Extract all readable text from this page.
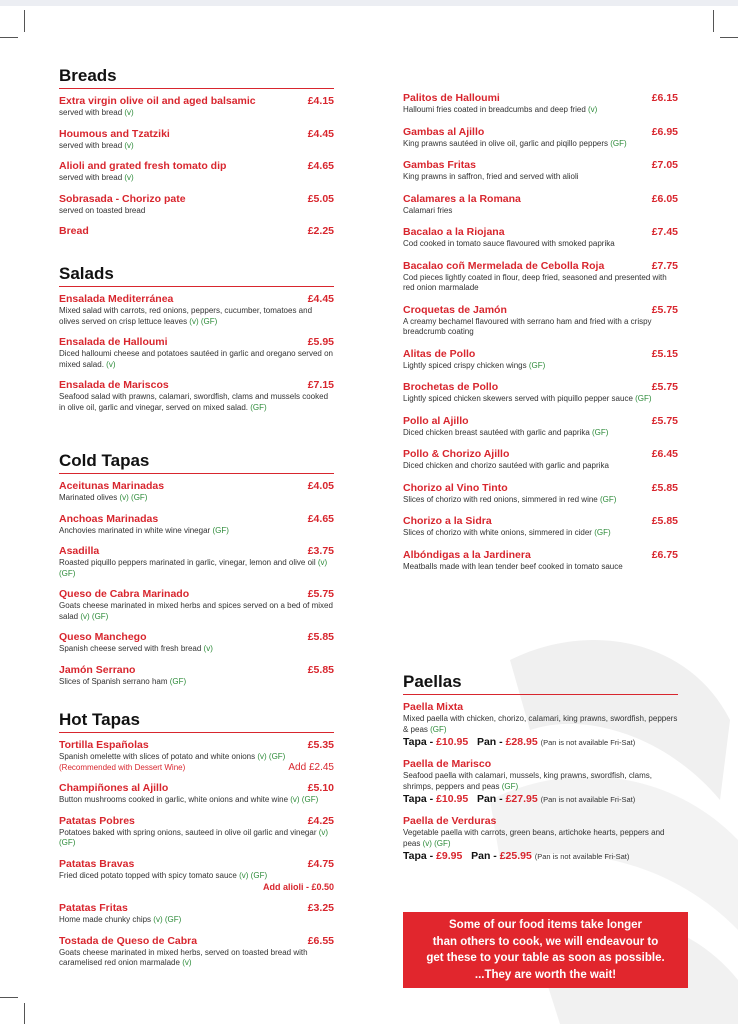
Breads
Extra virgin olive oil and aged balsamic	£4.15
served with bread (v)
Houmous and Tzatziki	£4.45
served with bread (v)
Alioli and grated fresh tomato dip	£4.65
served with bread (v)
Sobrasada - Chorizo pate	£5.05
served on toasted bread
Bread	£2.25
Salads
Ensalada Mediterránea	£4.45
Mixed salad with carrots, red onions, peppers, cucumber, tomatoes and olives served on crisp lettuce leaves (v) (GF)
Ensalada de Halloumi	£5.95
Diced halloumi cheese and potatoes sautéed in garlic and oregano served on mixed salad. (v)
Ensalada de Mariscos	£7.15
Seafood salad with prawns, calamari, swordfish, clams and mussels cooked in olive oil, garlic and vinegar, served on mixed salad. (GF)
Cold Tapas
Aceitunas Marinadas	£4.05
Marinated olives (v) (GF)
Anchoas Marinadas	£4.65
Anchovies marinated in white wine vinegar (GF)
Asadilla	£3.75
Roasted piquillo peppers marinated in garlic, vinegar, lemon and olive oil (v) (GF)
Queso de Cabra Marinado	£5.75
Goats cheese marinated in mixed herbs and spices served on a bed of mixed salad (v) (GF)
Queso Manchego	£5.85
Spanish cheese served with fresh bread (v)
Jamón Serrano	£5.85
Slices of Spanish serrano ham (GF)
Hot Tapas
Tortilla Españolas	£5.35
Spanish omelette with slices of potato and white onions (v) (GF) (Recommended with Dessert Wine)	Add £2.45
Champiñones al Ajillo	£5.10
Button mushrooms cooked in garlic, white onions and white wine (v) (GF)
Patatas Pobres	£4.25
Potatoes baked with spring onions, sauteed in olive oil garlic and vinegar (v) (GF)
Patatas Bravas	£4.75
Fried diced potato topped with spicy tomato sauce (v) (GF)
Add alioli - £0.50
Patatas Fritas	£3.25
Home made chunky chips (v) (GF)
Tostada de Queso de Cabra	£6.55
Goats cheese marinated in mixed herbs, served on toasted bread with caramelised red onion marmalade (v)
Palitos de Halloumi	£6.15
Halloumi fries coated in breadcumbs and deep fried (v)
Gambas al Ajillo	£6.95
King prawns sautéed in olive oil, garlic and piqillo peppers (GF)
Gambas Fritas	£7.05
King prawns in saffron, fried and served with alioli
Calamares a la Romana	£6.05
Calamari fries
Bacalao a la Riojana	£7.45
Cod cooked in tomato sauce flavoured with smoked paprika
Bacalao coñ Mermelada de Cebolla Roja	£7.75
Cod pieces lightly coated in flour, deep fried, seasoned and presented with red onion marmalade
Croquetas de Jamón	£5.75
A creamy bechamel flavoured with serrano ham and fried with a crispy breadcrumb coating
Alitas de Pollo	£5.15
Lightly spiced crispy chicken wings (GF)
Brochetas de Pollo	£5.75
Lightly spiced chicken skewers served with piquillo pepper sauce (GF)
Pollo al Ajillo	£5.75
Diced chicken breast sautéed with garlic and paprika (GF)
Pollo & Chorizo Ajillo	£6.45
Diced chicken and chorizo sautéed with garlic and paprika
Chorizo al Vino Tinto	£5.85
Slices of chorizo with red onions, simmered in red wine (GF)
Chorizo a la Sidra	£5.85
Slices of chorizo with white onions, simmered in cider (GF)
Albóndigas a la Jardinera	£6.75
Meatballs made with lean tender beef cooked in tomato sauce
Paellas
Paella Mixta
Mixed paella with chicken, chorizo, calamari, king prawns, swordfish, peppers & peas (GF)
Tapa - £10.95 Pan - £28.95 (Pan is not available Fri-Sat)
Paella de Marisco
Seafood paella with calamari, mussels, king prawns, swordfish, clams, shrimps, peppers and peas (GF)
Tapa - £10.95 Pan - £27.95 (Pan is not available Fri-Sat)
Paella de Verduras
Vegetable paella with carrots, green beans, artichoke hearts, peppers and peas (v) (GF)
Tapa - £9.95 Pan - £25.95 (Pan is not available Fri-Sat)
Some of our food items take longer
than others to cook, we will endeavour to
get these to your table as soon as possible.
...They are worth the wait!
